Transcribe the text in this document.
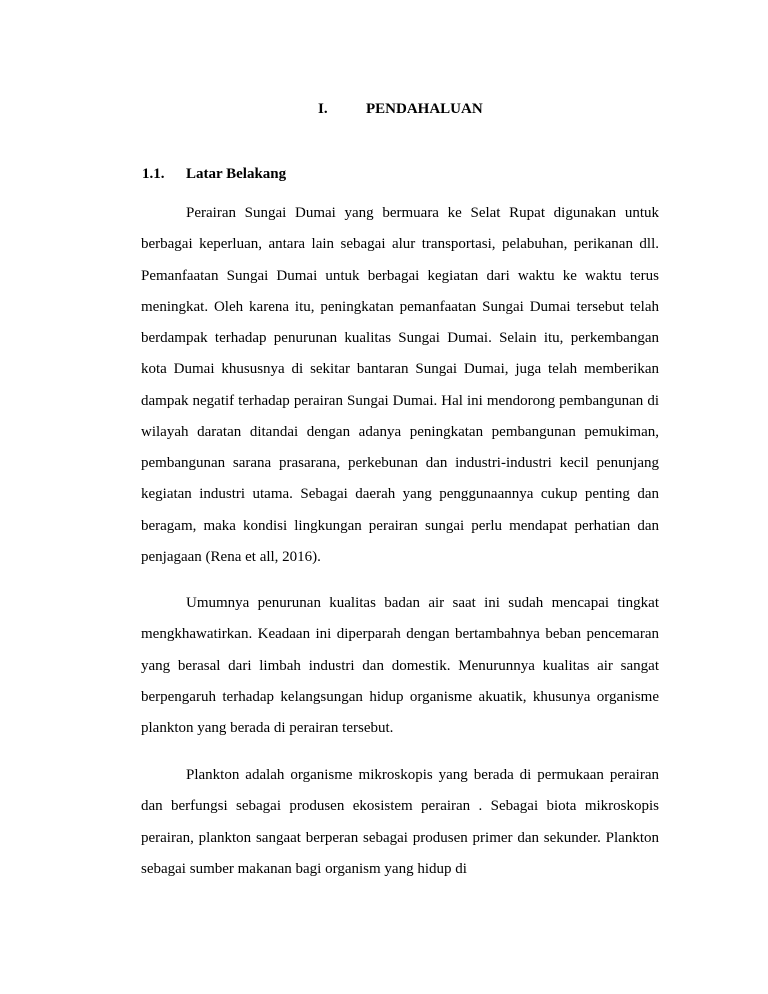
I.	PENDAHALUAN
1.1. Latar Belakang

Perairan Sungai Dumai yang bermuara ke Selat Rupat digunakan untuk berbagai keperluan, antara lain sebagai alur transportasi, pelabuhan, perikanan dll. Pemanfaatan Sungai Dumai untuk berbagai kegiatan dari waktu ke waktu terus meningkat. Oleh karena itu, peningkatan pemanfaatan Sungai Dumai tersebut telah berdampak terhadap penurunan kualitas Sungai Dumai. Selain itu, perkembangan kota Dumai khususnya di sekitar bantaran Sungai Dumai, juga telah memberikan dampak negatif terhadap perairan Sungai Dumai. Hal ini mendorong pembangunan di wilayah daratan ditandai dengan adanya peningkatan pembangunan pemukiman, pembangunan sarana prasarana, perkebunan dan industri-industri kecil penunjang kegiatan industri utama. Sebagai daerah yang penggunaannya cukup penting dan beragam, maka kondisi lingkungan perairan sungai perlu mendapat perhatian dan penjagaan (Rena et all, 2016).

Umumnya penurunan kualitas badan air saat ini sudah mencapai tingkat mengkhawatirkan. Keadaan ini diperparah dengan bertambahnya beban pencemaran yang berasal dari limbah industri dan domestik. Menurunnya kualitas air sangat berpengaruh terhadap kelangsungan hidup organisme akuatik, khusunya organisme plankton yang berada di perairan tersebut.

Plankton adalah organisme mikroskopis yang berada di permukaan perairan dan berfungsi sebagai produsen ekosistem perairan . Sebagai biota mikroskopis perairan, plankton sangaat berperan sebagai produsen primer dan sekunder. Plankton sebagai sumber makanan bagi organism yang hidup di
